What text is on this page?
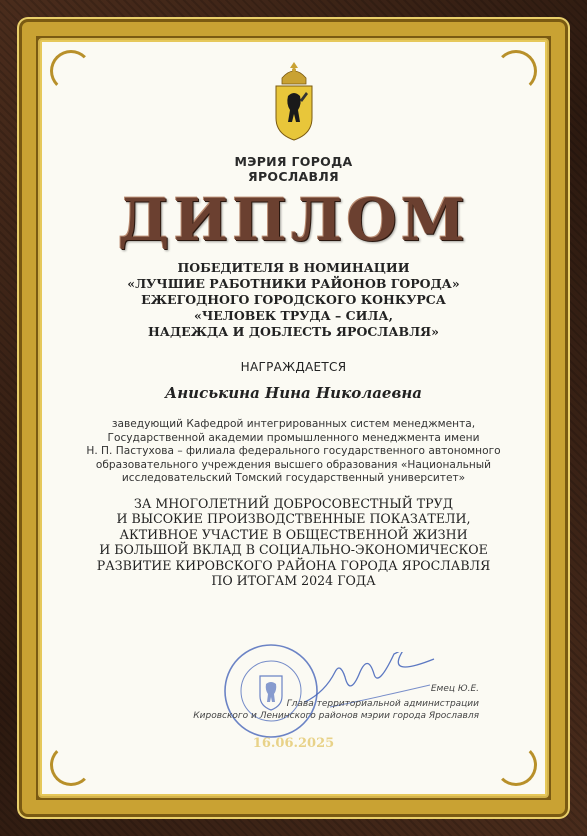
МЭРИЯ ГОРОДА
ЯРОСЛАВЛЯ
ДИПЛОМ
ПОБЕДИТЕЛЯ В НОМИНАЦИИ
«ЛУЧШИЕ РАБОТНИКИ РАЙОНОВ ГОРОДА»
ЕЖЕГОДНОГО ГОРОДСКОГО КОНКУРСА
«ЧЕЛОВЕК ТРУДА – СИЛА,
НАДЕЖДА И ДОБЛЕСТЬ ЯРОСЛАВЛЯ»
НАГРАЖДАЕТСЯ
Аниськина Нина Николаевна
заведующий Кафедрой интегрированных систем менеджмента,
Государственной академии промышленного менеджмента имени
Н. П. Пастухова – филиала федерального государственного автономного
образовательного учреждения высшего образования «Национальный
исследовательский Томский государственный университет»
ЗА МНОГОЛЕТНИЙ ДОБРОСОВЕСТНЫЙ ТРУД
И ВЫСОКИЕ ПРОИЗВОДСТВЕННЫЕ ПОКАЗАТЕЛИ,
АКТИВНОЕ УЧАСТИЕ В ОБЩЕСТВЕННОЙ ЖИЗНИ
И БОЛЬШОЙ ВКЛАД В СОЦИАЛЬНО-ЭКОНОМИЧЕСКОЕ
РАЗВИТИЕ КИРОВСКОГО РАЙОНА ГОРОДА ЯРОСЛАВЛЯ
ПО ИТОГАМ 2024 ГОДА
Емец Ю.Е.
Глава территориальной администрации
Кировского и Ленинского районов мэрии города Ярославля
16.06.2025
